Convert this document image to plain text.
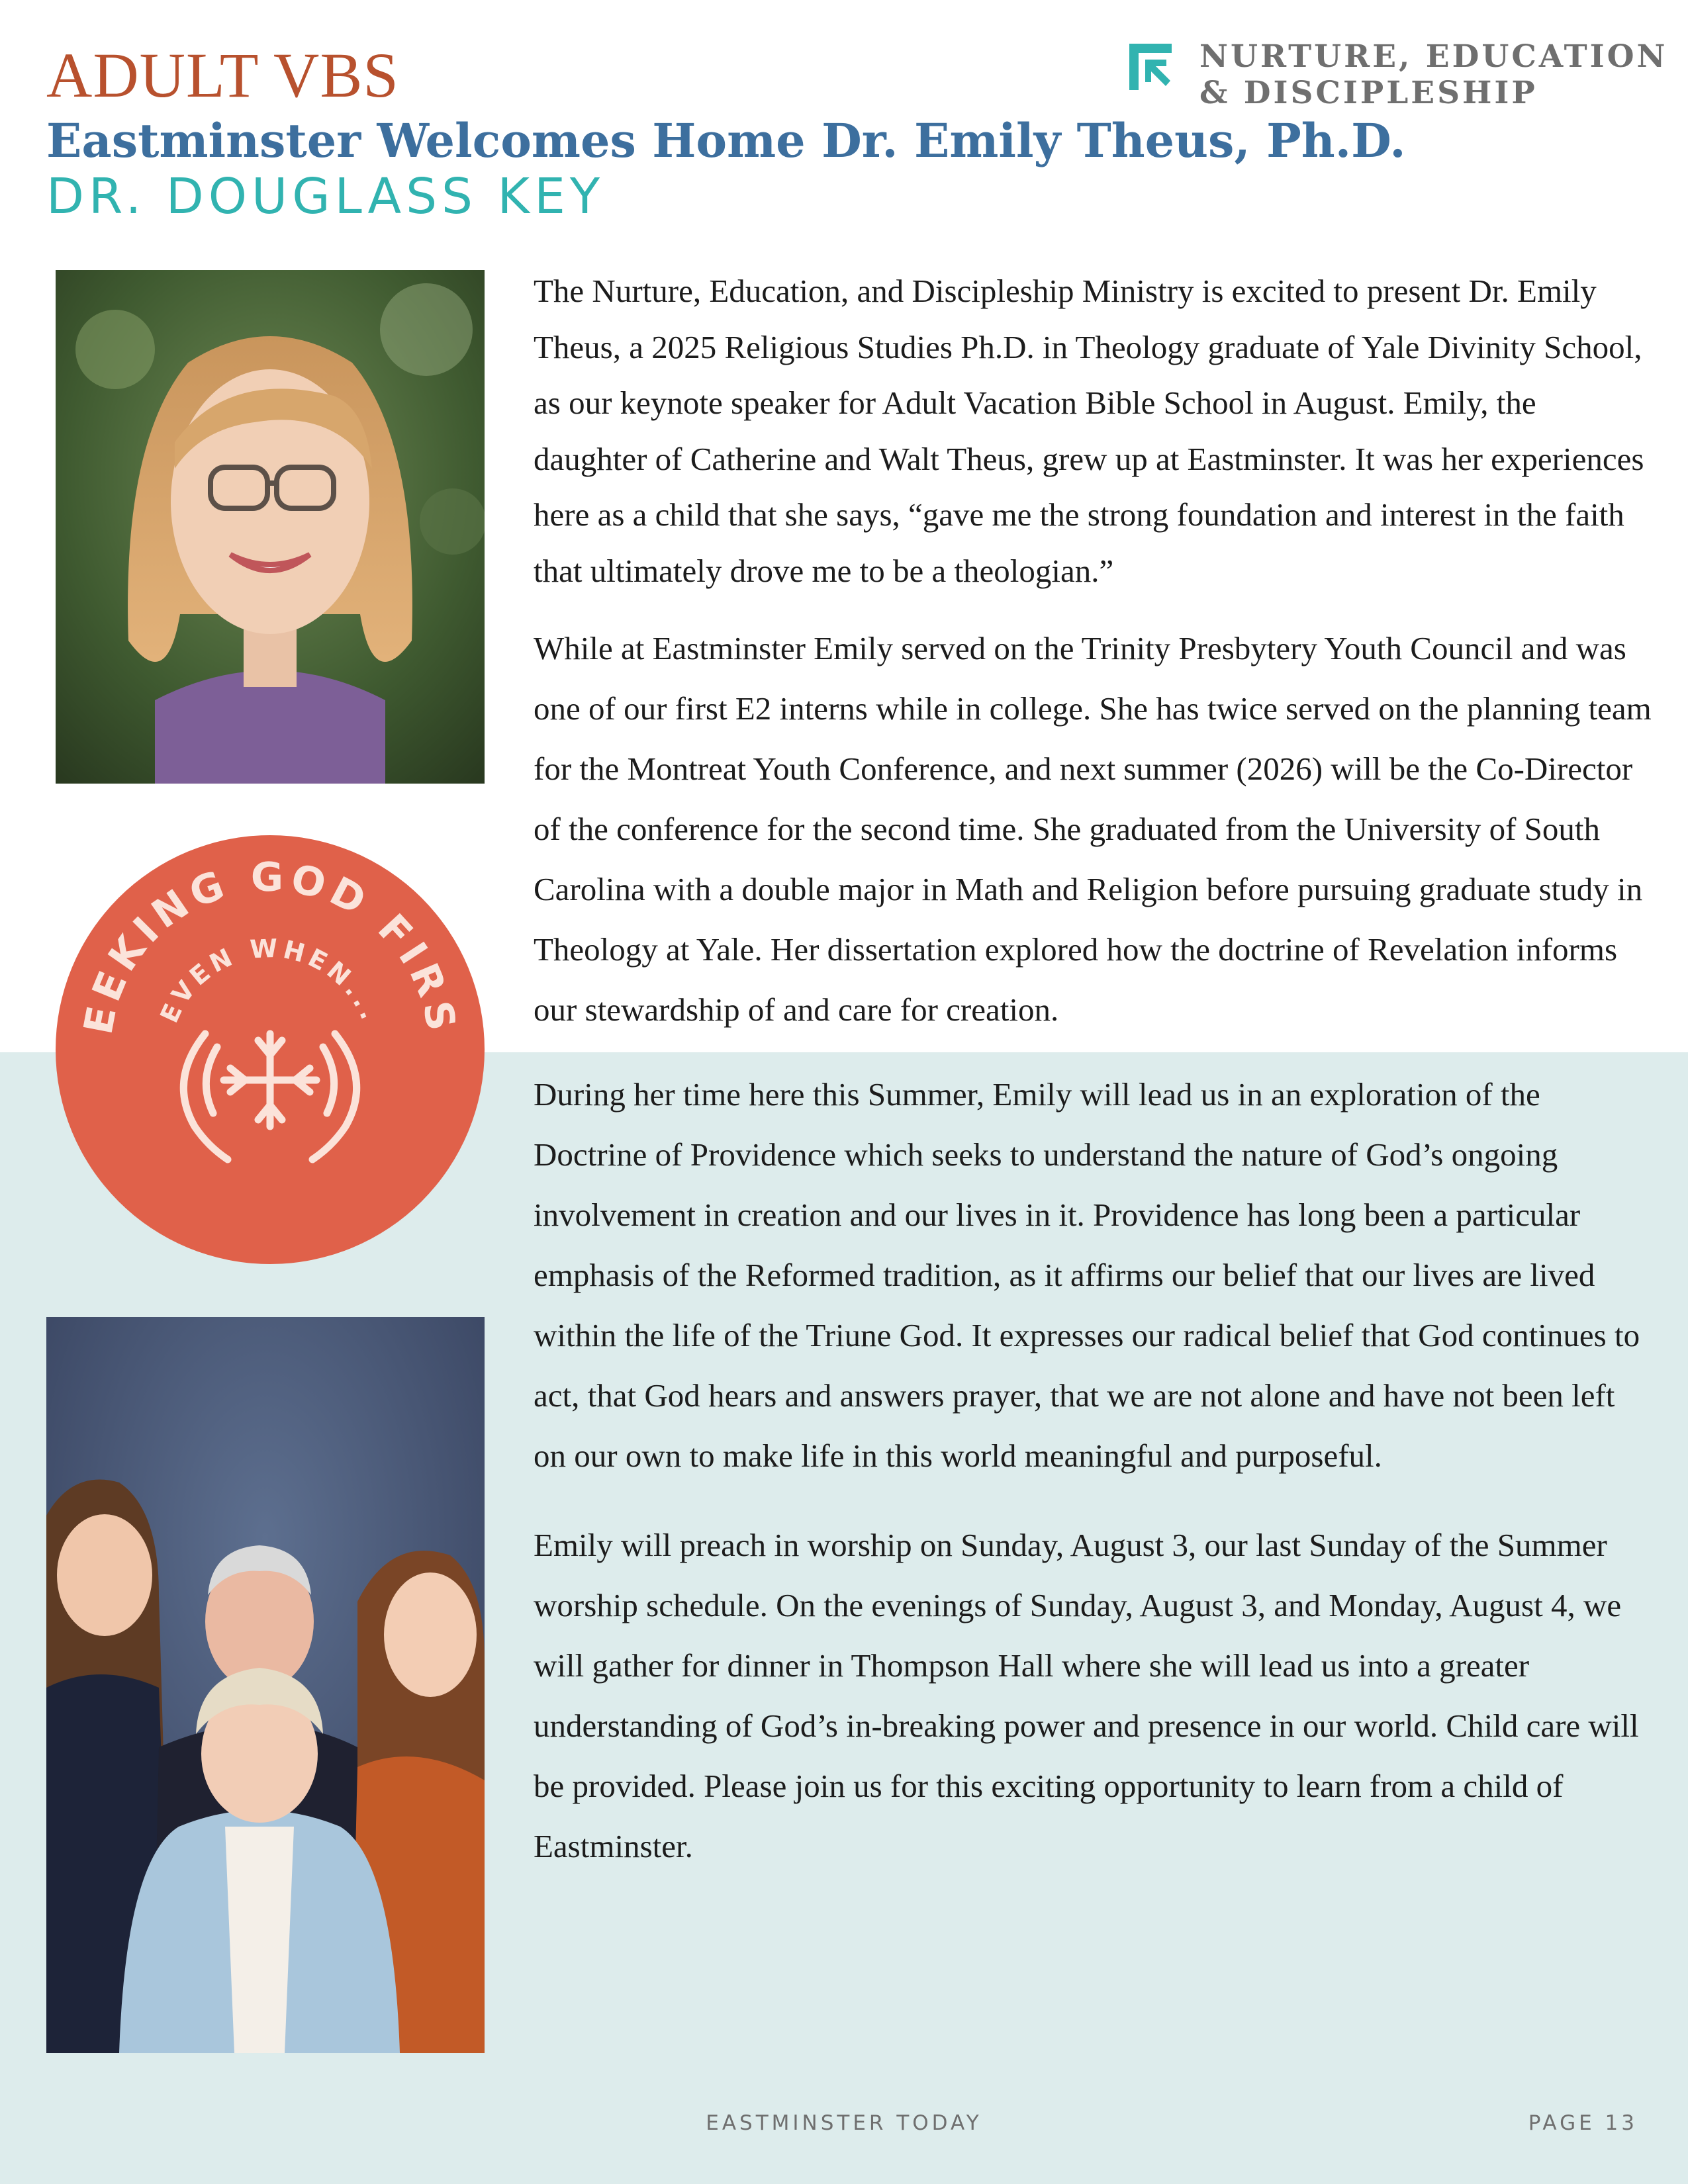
ADULT VBS
Eastminster Welcomes Home Dr. Emily Theus, Ph.D.
DR. DOUGLASS KEY
NURTURE, EDUCATION
& DISCIPLESHIP
EEKING GOD FIRS
EVEN WHEN...

The Nurture, Education, and Discipleship Ministry is excited to present Dr. Emily Theus, a 2025 Religious Studies Ph.D. in Theology graduate of Yale Divinity School, as our keynote speaker for Adult Vacation Bible School in August. Emily, the daughter of Catherine and Walt Theus, grew up at Eastminster. It was her experiences here as a child that she says, “gave me the strong foundation and interest in the faith that ultimately drove me to be a theologian.”

While at Eastminster Emily served on the Trinity Presbytery Youth Council and was one of our first E2 interns while in college. She has twice served on the planning team for the Montreat Youth Conference, and next summer (2026) will be the Co-Director of the conference for the second time. She graduated from the University of South Carolina with a double major in Math and Religion before pursuing graduate study in Theology at Yale. Her dissertation explored how the doctrine of Revelation informs our stewardship of and care for creation.

During her time here this Summer, Emily will lead us in an exploration of the Doctrine of Providence which seeks to understand the nature of God’s ongoing involvement in creation and our lives in it. Providence has long been a particular emphasis of the Reformed tradition, as it affirms our belief that our lives are lived within the life of the Triune God. It expresses our radical belief that God continues to act, that God hears and answers prayer, that we are not alone and have not been left on our own to make life in this world meaningful and purposeful.

Emily will preach in worship on Sunday, August 3, our last Sunday of the Summer worship schedule. On the evenings of Sunday, August 3, and Monday, August 4, we will gather for dinner in Thompson Hall where she will lead us into a greater understanding of God’s in-breaking power and presence in our world. Child care will be provided. Please join us for this exciting opportunity to learn from a child of Eastminster.

EASTMINSTER TODAY	PAGE 13
